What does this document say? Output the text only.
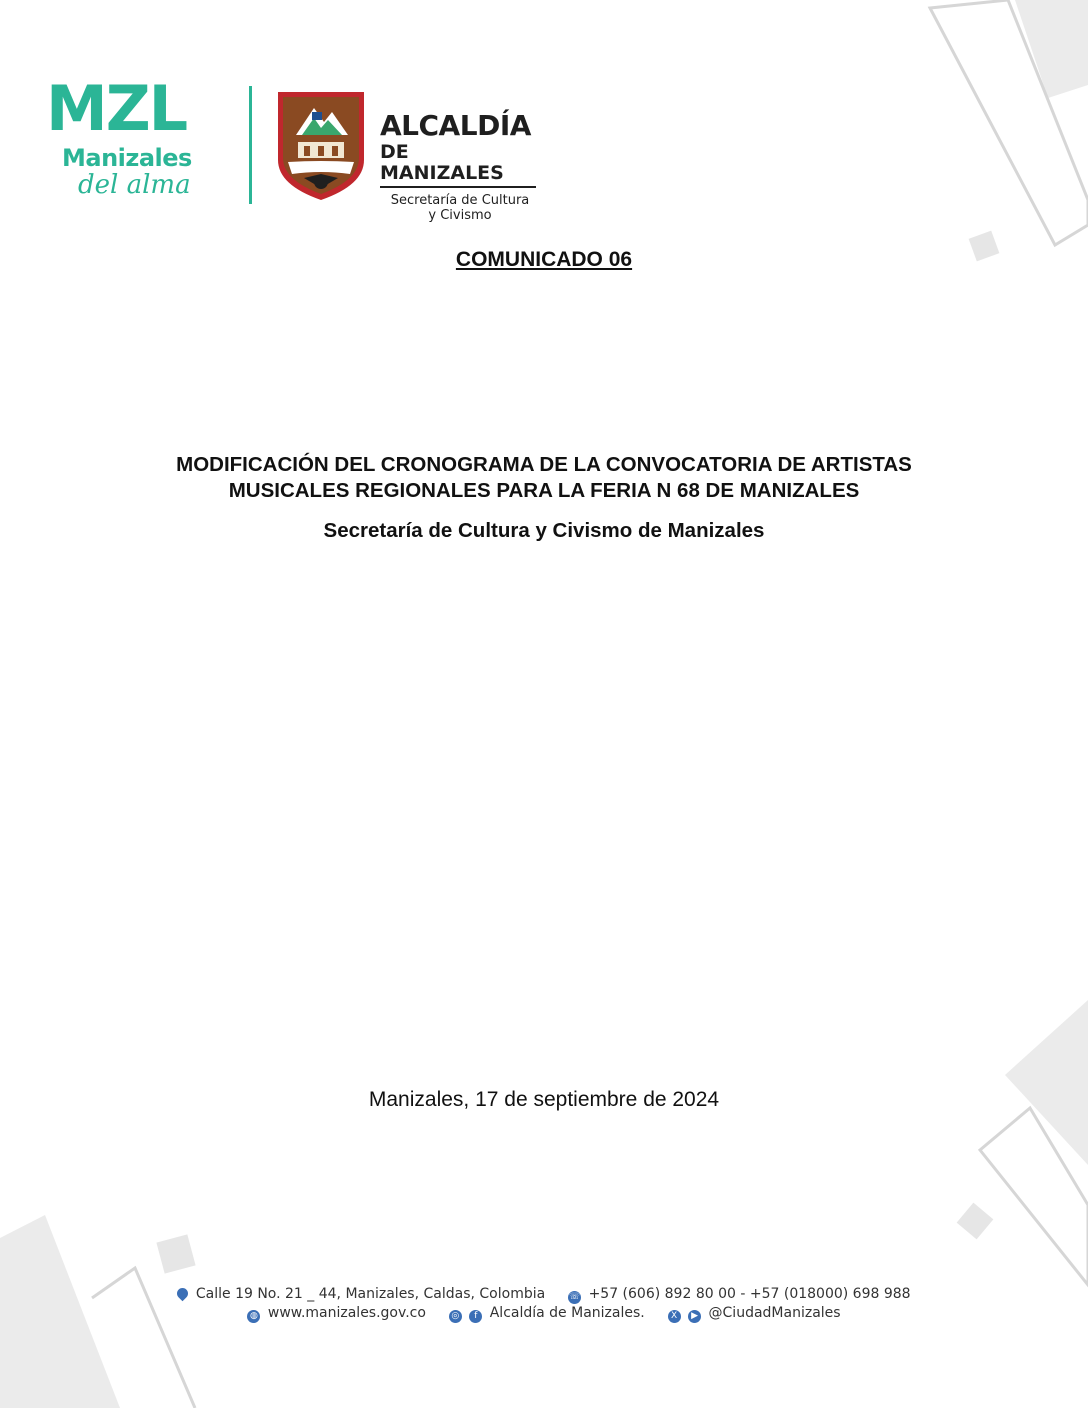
MZL
Manizales
del alma
ALCALDÍA
DE MANIZALES
Secretaría de Cultura
y Civismo
COMUNICADO 06
MODIFICACIÓN DEL CRONOGRAMA DE LA CONVOCATORIA DE ARTISTAS
MUSICALES REGIONALES PARA LA FERIA N 68 DE MANIZALES
Secretaría de Cultura y Civismo de Manizales
Manizales, 17 de septiembre de 2024
Calle 19 No. 21 _ 44, Manizales, Caldas, Colombia	☏ +57 (606) 892 80 00 - +57 (018000) 698 988
◍ www.manizales.gov.co	◎ f Alcaldía de Manizales.	X ▶ @CiudadManizales
